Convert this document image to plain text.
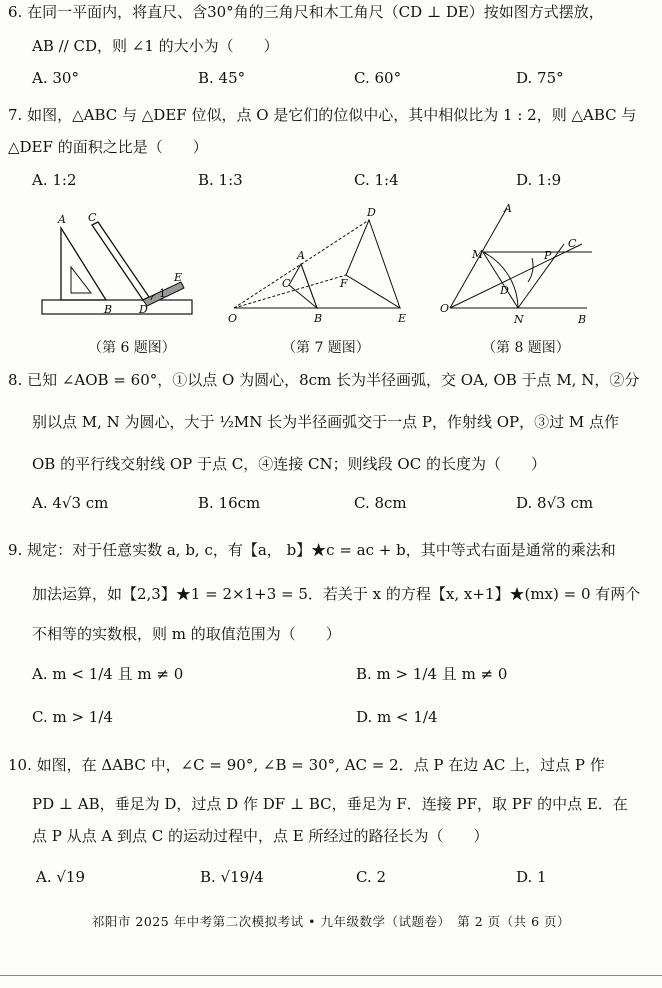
6. 在同一平面内，将直尺、含30°角的三角尺和木工角尺（CD ⊥ DE）按如图方式摆放，
AB // CD，则 ∠1 的大小为（　　）
A. 30°	B. 45°	C. 60°	D. 75°
7. 如图，△ABC 与 △DEF 位似，点 O 是它们的位似中心，其中相似比为 1 : 2，则 △ABC 与
△DEF 的面积之比是（　　）
A. 1:2	B. 1:3	C. 1:4	D. 1:9
A C
E
B D
1
（第 6 题图）
D
A
C	F
O	B	E
（第 7 题图）
A
M
C
P
D
O
N	B
（第 8 题图）
8. 已知 ∠AOB = 60°，①以点 O 为圆心，8cm 长为半径画弧，交 OA, OB 于点 M, N，②分
别以点 M, N 为圆心，大于 ½MN 长为半径画弧交于一点 P，作射线 OP，③过 M 点作
OB 的平行线交射线 OP 于点 C，④连接 CN；则线段 OC 的长度为（　　）
A. 4√3 cm	B. 16cm	C. 8cm	D. 8√3 cm
9. 规定：对于任意实数 a, b, c，有【a， b】★c = ac + b，其中等式右面是通常的乘法和
加法运算，如【2,3】★1 = 2×1+3 = 5．若关于 x 的方程【x, x+1】★(mx) = 0 有两个
不相等的实数根，则 m 的取值范围为（　　）
A. m < 1/4 且 m ≠ 0	B. m > 1/4 且 m ≠ 0
C. m > 1/4	D. m < 1/4
10. 如图，在 ΔABC 中，∠C = 90°, ∠B = 30°, AC = 2．点 P 在边 AC 上，过点 P 作
PD ⊥ AB，垂足为 D，过点 D 作 DF ⊥ BC，垂足为 F．连接 PF，取 PF 的中点 E．在
点 P 从点 A 到点 C 的运动过程中，点 E 所经过的路径长为（　　）
A. √19	B. √19/4	C. 2	D. 1
祁阳市 2025 年中考第二次模拟考试 • 九年级数学（试题卷）　第 2 页（共 6 页）
